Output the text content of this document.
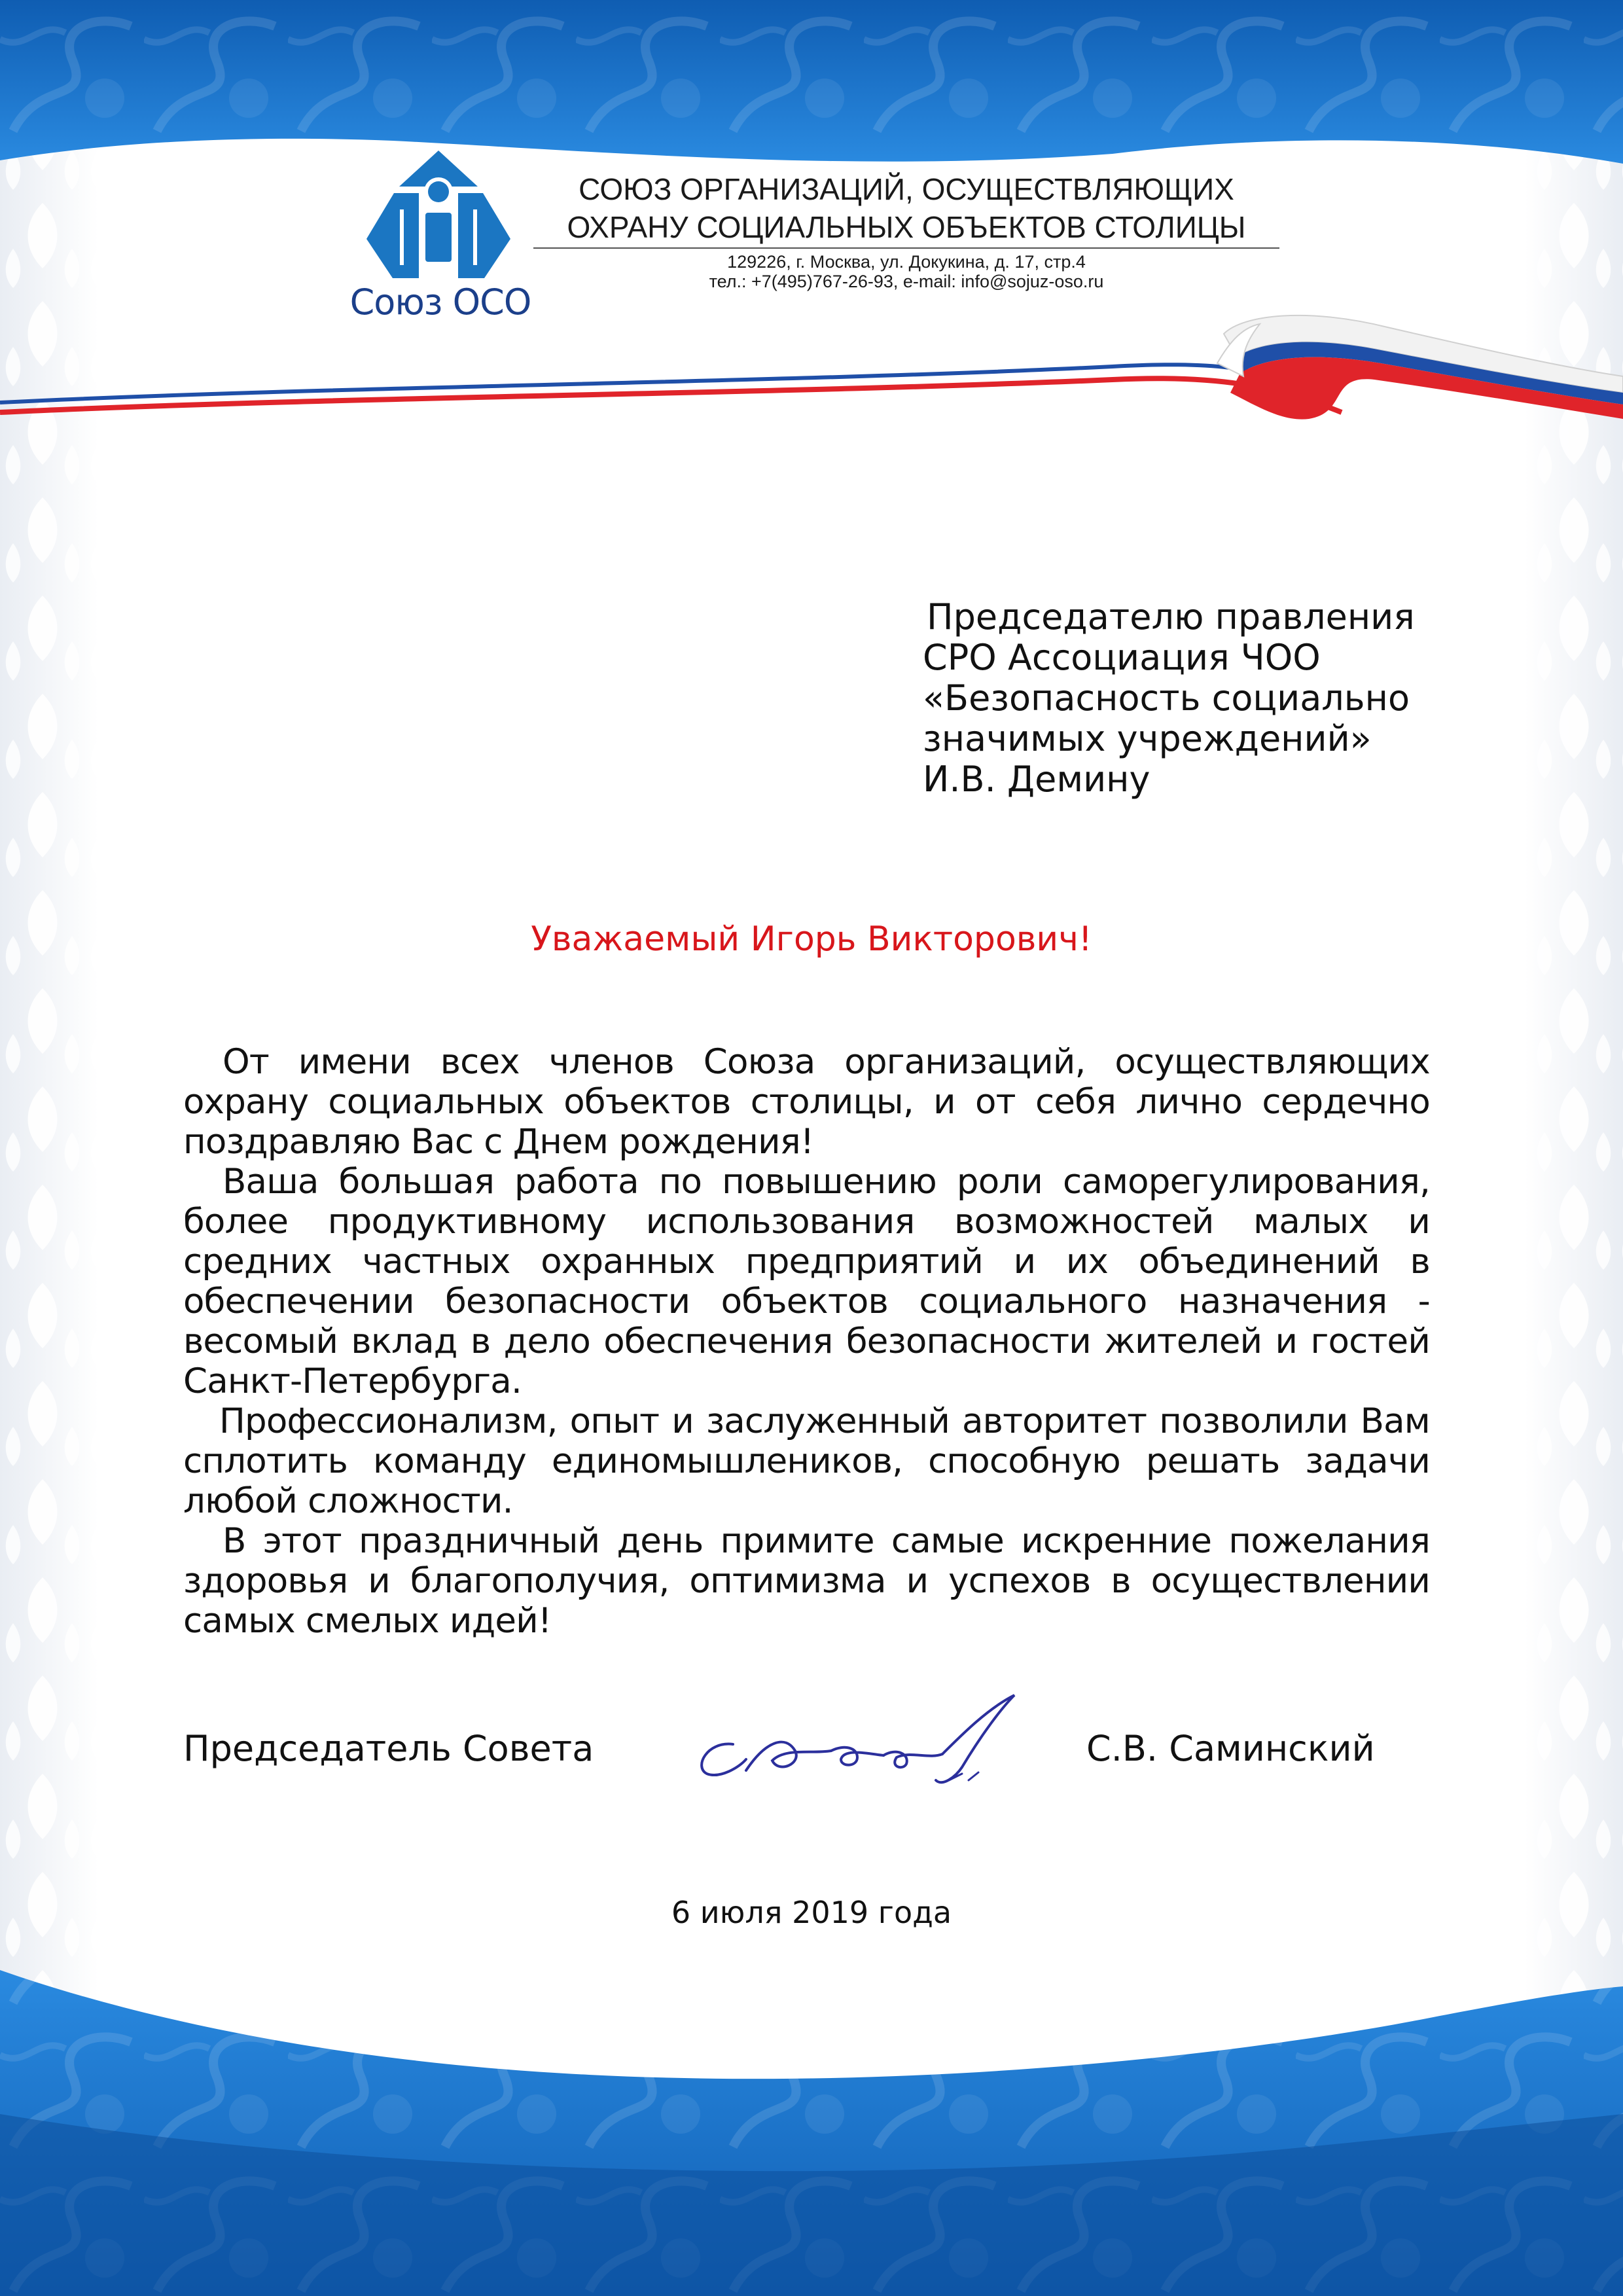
Союз ОСО
СОЮЗ ОРГАНИЗАЦИЙ, ОСУЩЕСТВЛЯЮЩИХ
ОХРАНУ СОЦИАЛЬНЫХ ОБЪЕКТОВ СТОЛИЦЫ
129226, г. Москва, ул. Докукина, д. 17, стр.4
тел.: +7(495)767-26-93, e-mail: info@sojuz-oso.ru
Председателю правления
СРО Ассоциация ЧОО
«Безопасность социально
значимых учреждений»
И.В. Демину
Уважаемый Игорь Викторович!

От имени всех членов Союза организаций, осуществляющих охрану социальных объектов столицы, и от себя лично сердечно поздравляю Вас с Днем рождения!

Ваша большая работа по повышению роли саморегулирования, более продуктивному использования возможностей малых и средних частных охранных предприятий и их объединений в обеспечении безопасности объектов социального назначения - весомый вклад в дело обеспечения безопасности жителей и гостей Санкт-Петербурга.

Профессионализм, опыт и заслуженный авторитет позволили Вам сплотить команду единомышлеников, способную решать задачи любой сложности.

В этот праздничный день примите самые искренние пожелания здоровья и благополучия, оптимизма и успехов в осуществлении самых смелых идей!

Председатель Совета	С.В. Саминский
6 июля 2019 года
